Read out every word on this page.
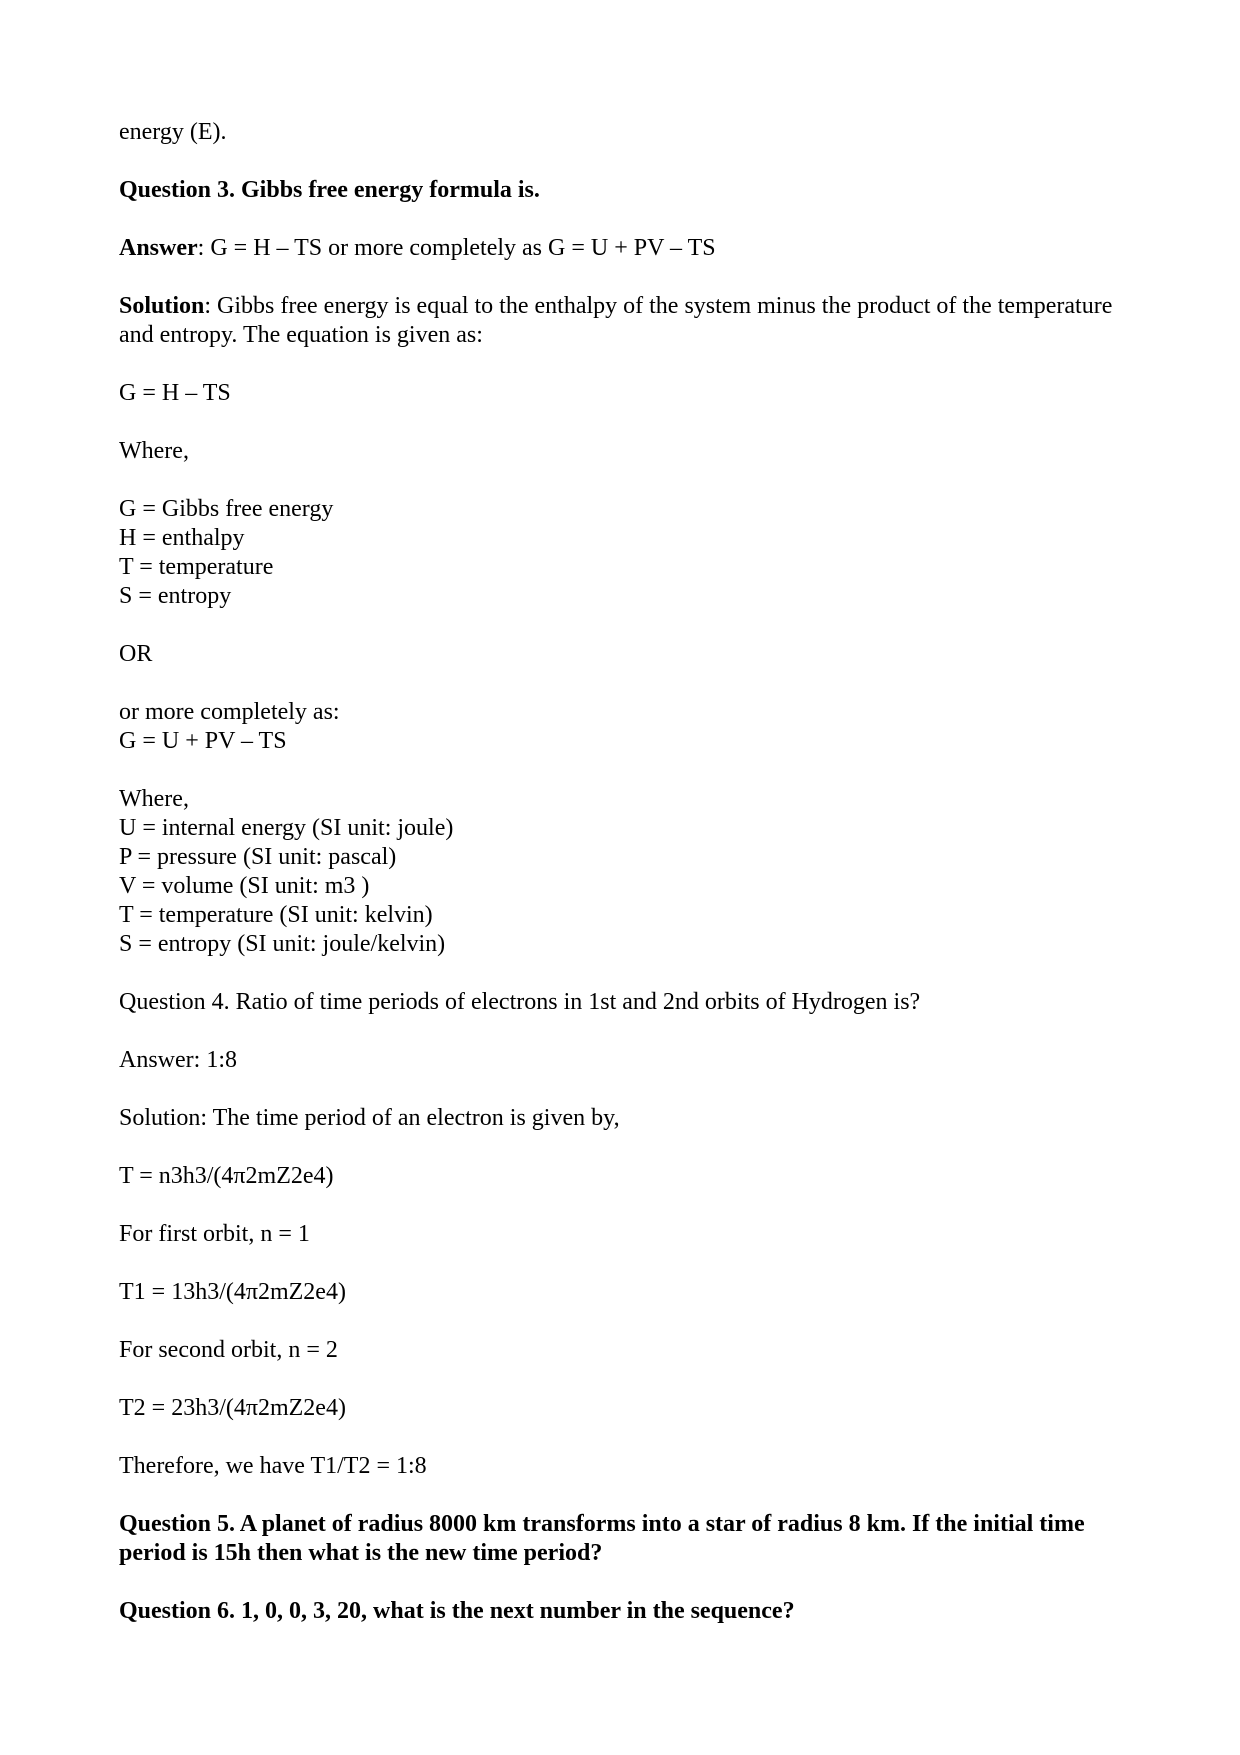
energy (E).

Question 3. Gibbs free energy formula is.

Answer: G = H – TS or more completely as G = U + PV – TS

Solution: Gibbs free energy is equal to the enthalpy of the system minus the product of the temperature and entropy. The equation is given as:

G = H – TS

Where,

G = Gibbs free energy
H = enthalpy
T = temperature
S = entropy

OR

or more completely as:
G = U + PV – TS

Where,
U = internal energy (SI unit: joule)
P = pressure (SI unit: pascal)
V = volume (SI unit: m3 )
T = temperature (SI unit: kelvin)
S = entropy (SI unit: joule/kelvin)

Question 4. Ratio of time periods of electrons in 1st and 2nd orbits of Hydrogen is?

Answer: 1:8

Solution: The time period of an electron is given by,

T = n3h3/(4π2mZ2e4)

For first orbit, n = 1

T1 = 13h3/(4π2mZ2e4)

For second orbit, n = 2

T2 = 23h3/(4π2mZ2e4)

Therefore, we have T1/T2 = 1:8

Question 5. A planet of radius 8000 km transforms into a star of radius 8 km. If the initial time period is 15h then what is the new time period?

Question 6. 1, 0, 0, 3, 20, what is the next number in the sequence?
